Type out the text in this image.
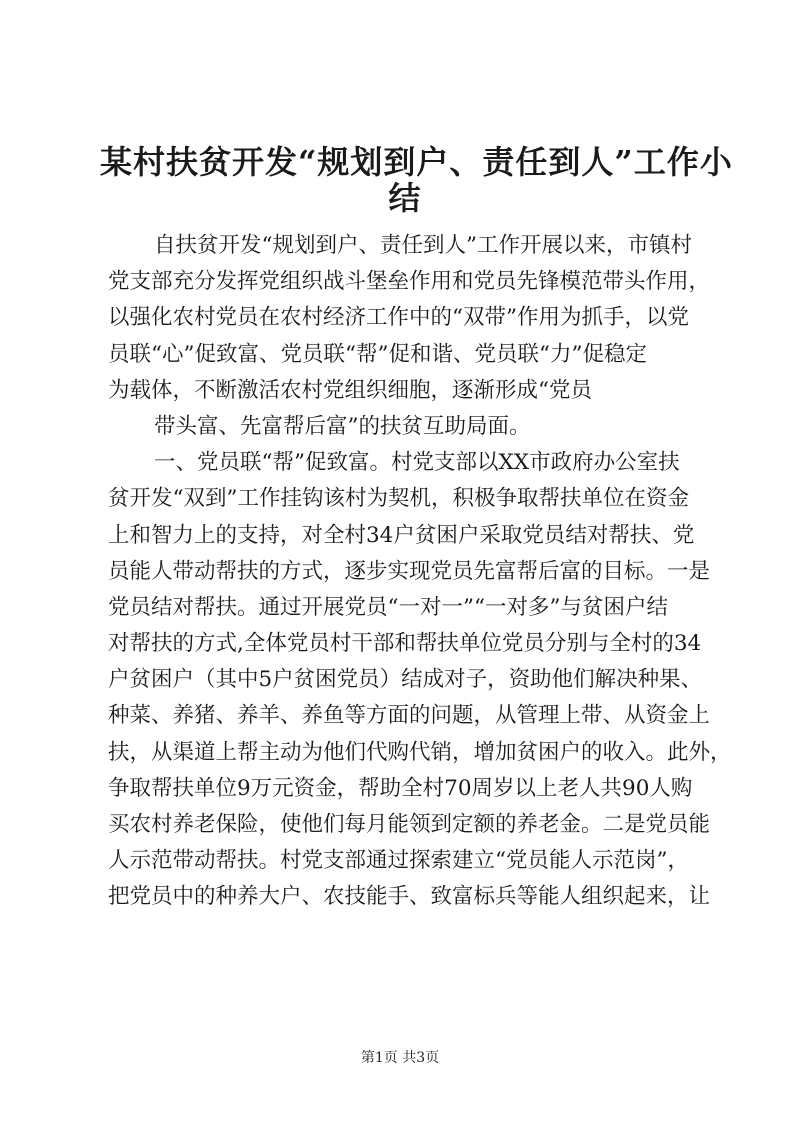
某村扶贫开发“规划到户、责任到人”工作小
结
自扶贫开发“规划到户、责任到人”工作开展以来，市镇村
党支部充分发挥党组织战斗堡垒作用和党员先锋模范带头作用，
以强化农村党员在农村经济工作中的“双带”作用为抓手，以党
员联“心”促致富、党员联“帮”促和谐、党员联“力”促稳定
为载体，不断激活农村党组织细胞，逐渐形成“党员
带头富、先富帮后富”的扶贫互助局面。
一、党员联“帮”促致富。村党支部以XX市政府办公室扶
贫开发“双到”工作挂钩该村为契机，积极争取帮扶单位在资金
上和智力上的支持，对全村34户贫困户采取党员结对帮扶、党
员能人带动帮扶的方式，逐步实现党员先富帮后富的目标。一是
党员结对帮扶。通过开展党员“一对一”“一对多”与贫困户结
对帮扶的方式,全体党员村干部和帮扶单位党员分别与全村的34
户贫困户（其中5户贫困党员）结成对子，资助他们解决种果、
种菜、养猪、养羊、养鱼等方面的问题，从管理上带、从资金上
扶，从渠道上帮主动为他们代购代销，增加贫困户的收入。此外，
争取帮扶单位9万元资金，帮助全村70周岁以上老人共90人购
买农村养老保险，使他们每月能领到定额的养老金。二是党员能
人示范带动帮扶。村党支部通过探索建立“党员能人示范岗”，
把党员中的种养大户、农技能手、致富标兵等能人组织起来，让
第1页 共3页
